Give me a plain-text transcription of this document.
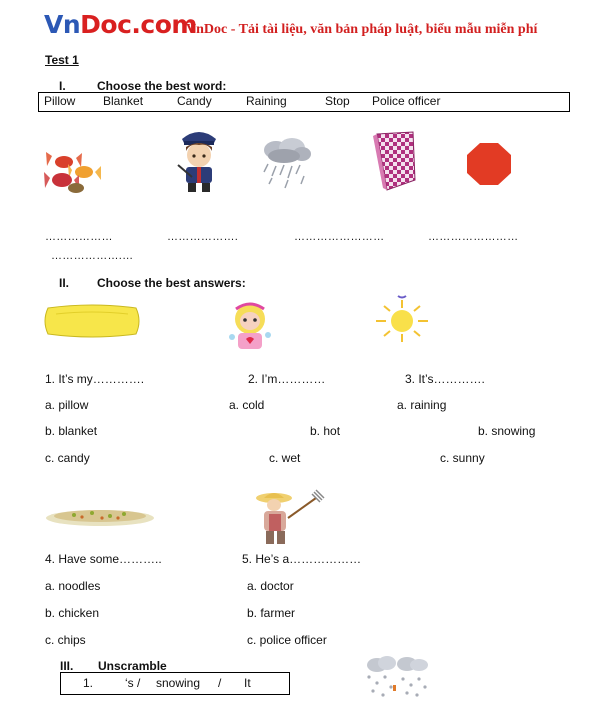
VnDoc.com
VnDoc - Tải tài liệu, văn bản pháp luật, biểu mẫu miễn phí
Test 1
I.	Choose the best word:
Pillow Blanket	Candy	Raining	Stop Police officer
………………	……………….	……………………	……………………
……………….…
II. Choose the best answers:
1. It’s my………….	2. I’m…………	3. It’s………….
a. pillow	a. cold	a. raining
b. blanket	b. hot	b. snowing
c. candy	c. wet	c. sunny
4. Have some………..	5. He’s a………………
a. noodles	a. doctor
b. chicken	b. farmer
c. chips	c. police officer
III. Unscramble
1.	‘s / snowing / It
